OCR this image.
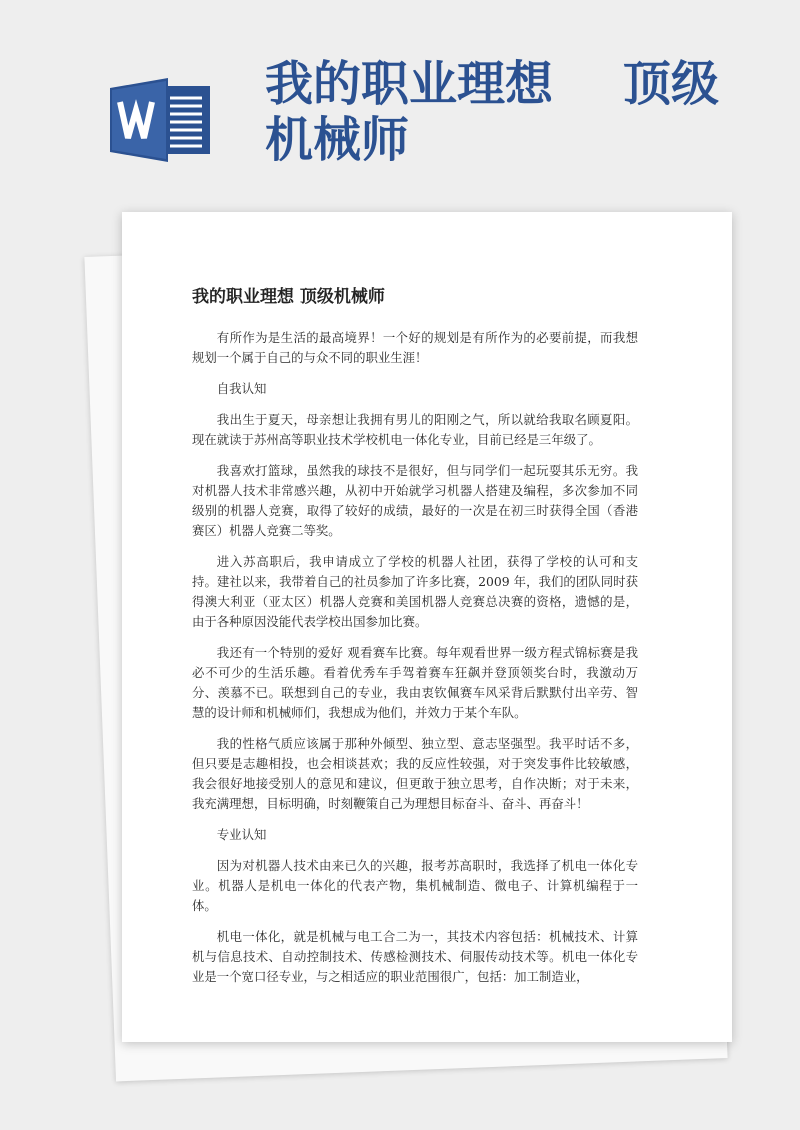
我的职业理想 顶级
机械师
我的职业理想 顶级机械师

有所作为是生活的最高境界！一个好的规划是有所作为的必要前提，而我想规划一个属于自己的与众不同的职业生涯！

自我认知

我出生于夏天，母亲想让我拥有男儿的阳刚之气，所以就给我取名顾夏阳。现在就读于苏州高等职业技术学校机电一体化专业，目前已经是三年级了。

我喜欢打篮球，虽然我的球技不是很好，但与同学们一起玩耍其乐无穷。我对机器人技术非常感兴趣，从初中开始就学习机器人搭建及编程，多次参加不同级别的机器人竞赛，取得了较好的成绩，最好的一次是在初三时获得全国（香港赛区）机器人竞赛二等奖。

进入苏高职后，我申请成立了学校的机器人社团，获得了学校的认可和支持。建社以来，我带着自己的社员参加了许多比赛，2009 年，我们的团队同时获得澳大利亚（亚太区）机器人竞赛和美国机器人竞赛总决赛的资格，遗憾的是，由于各种原因没能代表学校出国参加比赛。

我还有一个特别的爱好 观看赛车比赛。每年观看世界一级方程式锦标赛是我必不可少的生活乐趣。看着优秀车手驾着赛车狂飙并登顶领奖台时，我激动万分、羡慕不已。联想到自己的专业，我由衷钦佩赛车风采背后默默付出辛劳、智慧的设计师和机械师们，我想成为他们，并效力于某个车队。

我的性格气质应该属于那种外倾型、独立型、意志坚强型。我平时话不多，但只要是志趣相投，也会相谈甚欢；我的反应性较强，对于突发事件比较敏感，我会很好地接受别人的意见和建议，但更敢于独立思考，自作决断；对于未来，我充满理想，目标明确，时刻鞭策自己为理想目标奋斗、奋斗、再奋斗！

专业认知

因为对机器人技术由来已久的兴趣，报考苏高职时，我选择了机电一体化专业。机器人是机电一体化的代表产物，集机械制造、微电子、计算机编程于一体。

机电一体化，就是机械与电工合二为一，其技术内容包括：机械技术、计算机与信息技术、自动控制技术、传感检测技术、伺服传动技术等。机电一体化专业是一个宽口径专业，与之相适应的职业范围很广，包括：加工制造业，
